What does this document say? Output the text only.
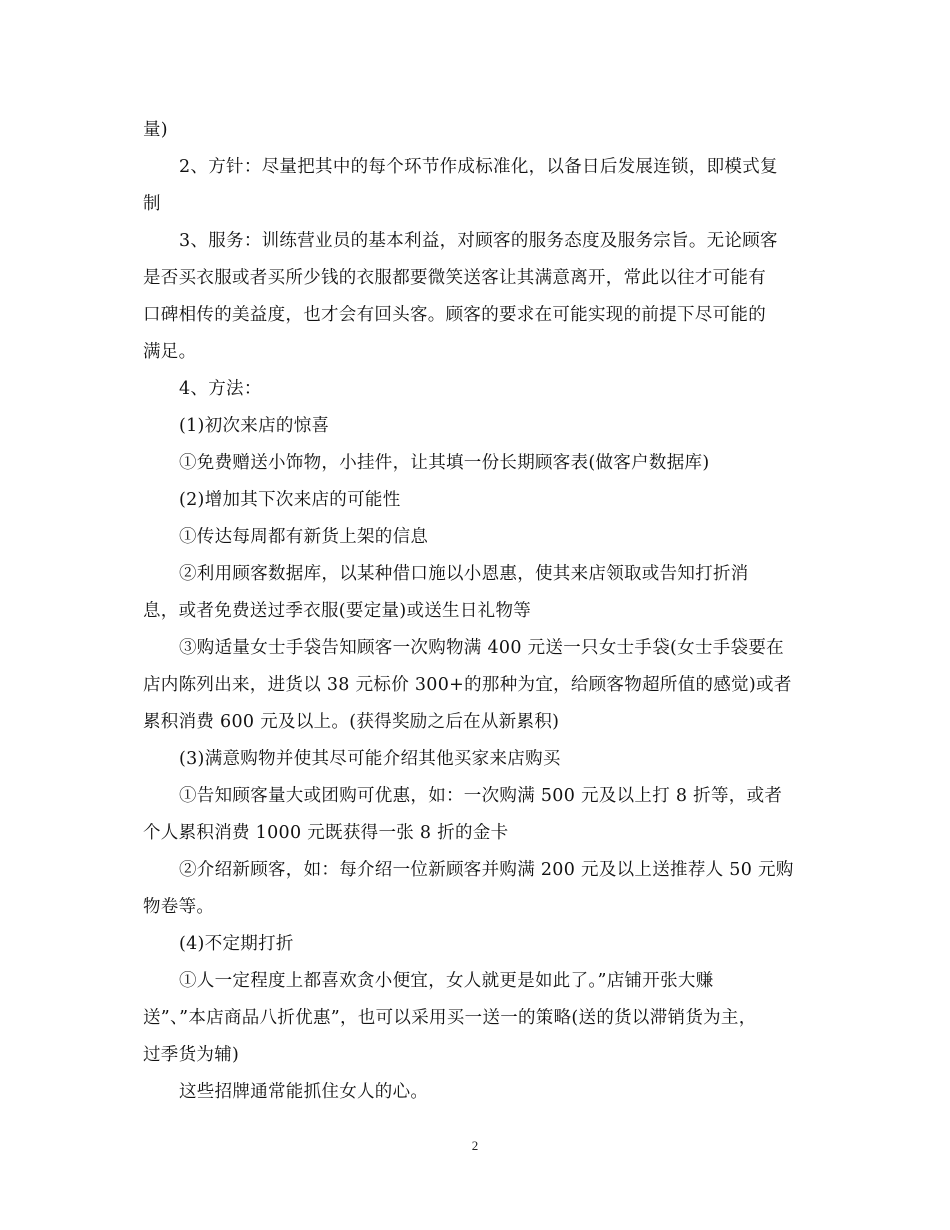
量)
2、方针：尽量把其中的每个环节作成标准化，以备日后发展连锁，即模式复
制
3、服务：训练营业员的基本利益，对顾客的服务态度及服务宗旨。无论顾客
是否买衣服或者买所少钱的衣服都要微笑送客让其满意离开，常此以往才可能有
口碑相传的美益度，也才会有回头客。顾客的要求在可能实现的前提下尽可能的
满足。
4、方法：
(1)初次来店的惊喜
①免费赠送小饰物，小挂件，让其填一份长期顾客表(做客户数据库)
(2)增加其下次来店的可能性
①传达每周都有新货上架的信息
②利用顾客数据库，以某种借口施以小恩惠，使其来店领取或告知打折消
息，或者免费送过季衣服(要定量)或送生日礼物等
③购适量女士手袋告知顾客一次购物满 400 元送一只女士手袋(女士手袋要在
店内陈列出来，进货以 38 元标价 300+的那种为宜，给顾客物超所值的感觉)或者
累积消费 600 元及以上。(获得奖励之后在从新累积)
(3)满意购物并使其尽可能介绍其他买家来店购买
①告知顾客量大或团购可优惠，如：一次购满 500 元及以上打 8 折等，或者
个人累积消费 1000 元既获得一张 8 折的金卡
②介绍新顾客，如：每介绍一位新顾客并购满 200 元及以上送推荐人 50 元购
物卷等。
(4)不定期打折
①人一定程度上都喜欢贪小便宜，女人就更是如此了。”店铺开张大赚
送”、”本店商品八折优惠”，也可以采用买一送一的策略(送的货以滞销货为主，
过季货为辅)
这些招牌通常能抓住女人的心。
2
